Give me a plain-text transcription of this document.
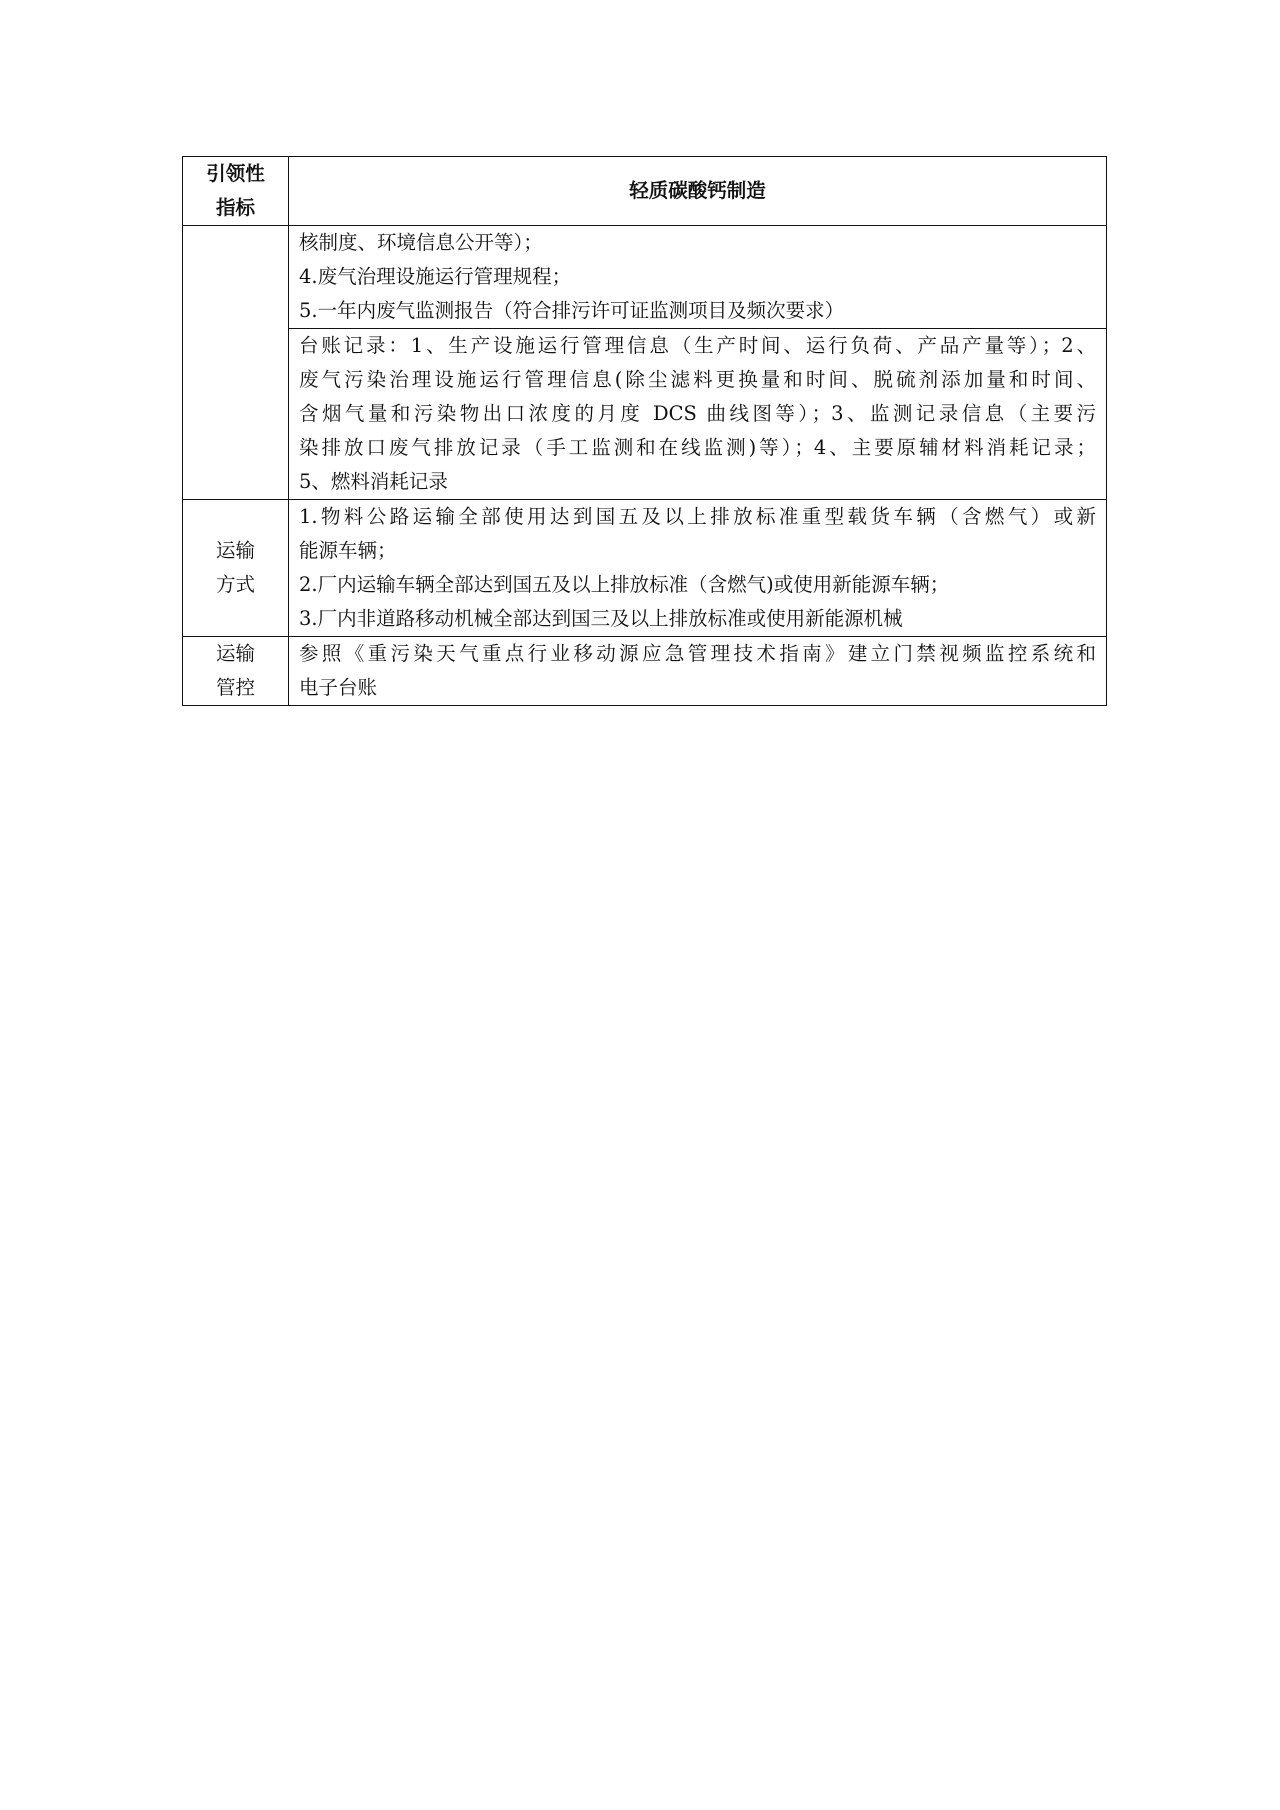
引领性
指标	轻质碳酸钙制造

	核制度、环境信息公开等）；
4.废气治理设施运行管理规程；
5.一年内废气监测报告（符合排污许可证监测项目及频次要求）

	台账记录：1、生产设施运行管理信息（生产时间、运行负荷、产品产量等）；2、
废气污染治理设施运行管理信息(除尘滤料更换量和时间、脱硫剂添加量和时间、
含烟气量和污染物出口浓度的月度 DCS 曲线图等）；3、监测记录信息（主要污
染排放口废气排放记录（手工监测和在线监测)等）；4、主要原辅材料消耗记录；
5、燃料消耗记录

运输
方式	1.物料公路运输全部使用达到国五及以上排放标准重型载货车辆（含燃气）或新
能源车辆；
2.厂内运输车辆全部达到国五及以上排放标准（含燃气)或使用新能源车辆；
3.厂内非道路移动机械全部达到国三及以上排放标准或使用新能源机械

运输
管控	参照《重污染天气重点行业移动源应急管理技术指南》建立门禁视频监控系统和
电子台账
